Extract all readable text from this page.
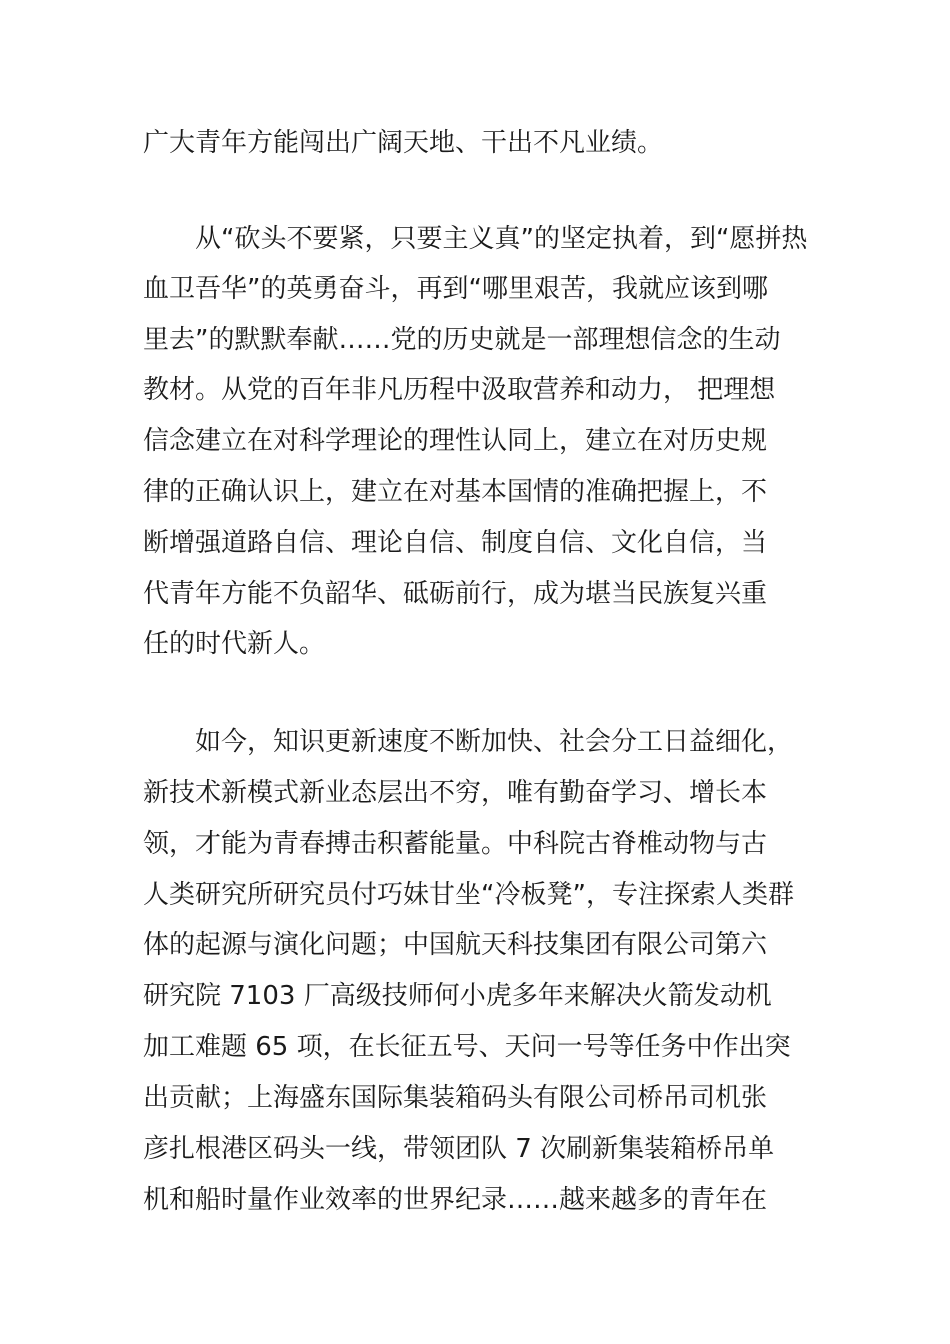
广大青年方能闯出广阔天地、干出不凡业绩。
从“砍头不要紧，只要主义真”的坚定执着，到“愿拼热
血卫吾华”的英勇奋斗，再到“哪里艰苦，我就应该到哪
里去”的默默奉献……党的历史就是一部理想信念的生动
教材。从党的百年非凡历程中汲取营养和动力， 把理想
信念建立在对科学理论的理性认同上，建立在对历史规
律的正确认识上，建立在对基本国情的准确把握上，不
断增强道路自信、理论自信、制度自信、文化自信，当
代青年方能不负韶华、砥砺前行，成为堪当民族复兴重
任的时代新人。
如今，知识更新速度不断加快、社会分工日益细化，
新技术新模式新业态层出不穷，唯有勤奋学习、增长本
领，才能为青春搏击积蓄能量。中科院古脊椎动物与古
人类研究所研究员付巧妹甘坐“冷板凳”，专注探索人类群
体的起源与演化问题；中国航天科技集团有限公司第六
研究院 7103 厂高级技师何小虎多年来解决火箭发动机
加工难题 65 项，在长征五号、天问一号等任务中作出突
出贡献；上海盛东国际集装箱码头有限公司桥吊司机张
彦扎根港区码头一线，带领团队 7 次刷新集装箱桥吊单
机和船时量作业效率的世界纪录……越来越多的青年在
